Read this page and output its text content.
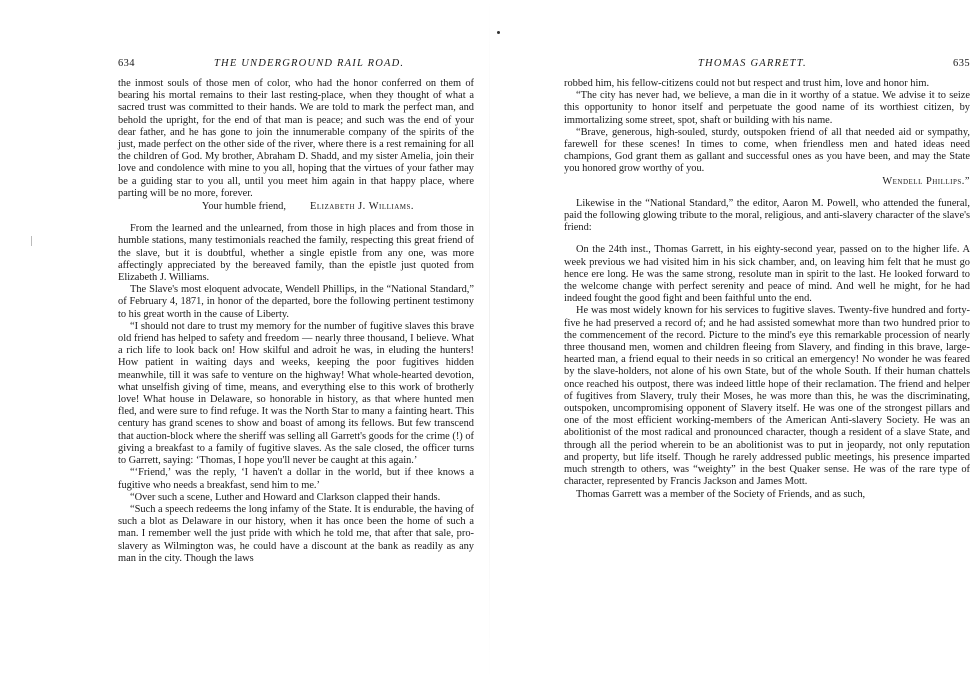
634	THE UNDERGROUND RAIL ROAD.

the inmost souls of those men of color, who had the honor conferred on them of bearing his mortal remains to their last resting-place, when they thought of what a sacred trust was committed to their hands. We are told to mark the perfect man, and behold the upright, for the end of that man is peace; and such was the end of your dear father, and he has gone to join the innumerable company of the spirits of the just, made perfect on the other side of the river, where there is a rest remaining for all the children of God. My brother, Abraham D. Shadd, and my sister Amelia, join their love and condolence with mine to you all, hoping that the virtues of your father may be a guiding star to you all, until you meet him again in that happy place, where parting will be no more, forever.

Your humble friend, Elizabeth J. Williams.

From the learned and the unlearned, from those in high places and from those in humble stations, many testimonials reached the family, respecting this great friend of the slave, but it is doubtful, whether a single epistle from any one, was more affectingly appreciated by the bereaved family, than the epistle just quoted from Elizabeth J. Williams.

The Slave's most eloquent advocate, Wendell Phillips, in the “National Standard,” of February 4, 1871, in honor of the departed, bore the following pertinent testimony to his great worth in the cause of Liberty.

“I should not dare to trust my memory for the number of fugitive slaves this brave old friend has helped to safety and freedom — nearly three thousand, I believe. What a rich life to look back on! How skilful and adroit he was, in eluding the hunters! How patient in waiting days and weeks, keeping the poor fugitives hidden meanwhile, till it was safe to venture on the highway! What whole-hearted devotion, what unselfish giving of time, means, and everything else to this work of brotherly love! What house in Delaware, so honorable in history, as that where hunted men fled, and were sure to find refuge. It was the North Star to many a fainting heart. This century has grand scenes to show and boast of among its fellows. But few transcend that auction-block where the sheriff was selling all Garrett's goods for the crime (!) of giving a breakfast to a family of fugitive slaves. As the sale closed, the officer turns to Garrett, saying: ‘Thomas, I hope you'll never be caught at this again.’

“‘Friend,’ was the reply, ‘I haven't a dollar in the world, but if thee knows a fugitive who needs a breakfast, send him to me.’

“Over such a scene, Luther and Howard and Clarkson clapped their hands.

“Such a speech redeems the long infamy of the State. It is endurable, the having of such a blot as Delaware in our history, when it has once been the home of such a man. I remember well the just pride with which he told me, that after that sale, pro-slavery as Wilmington was, he could have a discount at the bank as readily as any man in the city. Though the laws

THOMAS GARRETT.	635

robbed him, his fellow-citizens could not but respect and trust him, love and honor him.

“The city has never had, we believe, a man die in it worthy of a statue. We advise it to seize this opportunity to honor itself and perpetuate the good name of its worthiest citizen, by immortalizing some street, spot, shaft or building with his name.

“Brave, generous, high-souled, sturdy, outspoken friend of all that needed aid or sympathy, farewell for these scenes! In times to come, when friendless men and hated ideas need champions, God grant them as gallant and successful ones as you have been, and may the State you honored grow worthy of you.

Wendell Phillips.”

Likewise in the “National Standard,” the editor, Aaron M. Powell, who attended the funeral, paid the following glowing tribute to the moral, religious, and anti-slavery character of the slave's friend:

On the 24th inst., Thomas Garrett, in his eighty-second year, passed on to the higher life. A week previous we had visited him in his sick chamber, and, on leaving him felt that he must go hence ere long. He was the same strong, resolute man in spirit to the last. He looked forward to the welcome change with perfect serenity and peace of mind. And well he might, for he had indeed fought the good fight and been faithful unto the end.

He was most widely known for his services to fugitive slaves. Twenty-five hundred and forty-five he had preserved a record of; and he had assisted somewhat more than two hundred prior to the commencement of the record. Picture to the mind's eye this remarkable procession of nearly three thousand men, women and children fleeing from Slavery, and finding in this brave, large-hearted man, a friend equal to their needs in so critical an emergency! No wonder he was feared by the slave-holders, not alone of his own State, but of the whole South. If their human chattels once reached his outpost, there was indeed little hope of their reclamation. The friend and helper of fugitives from Slavery, truly their Moses, he was more than this, he was the discriminating, outspoken, uncompromising opponent of Slavery itself. He was one of the strongest pillars and one of the most efficient working-members of the American Anti-slavery Society. He was an abolitionist of the most radical and pronounced character, though a resident of a slave State, and through all the period wherein to be an abolitionist was to put in jeopardy, not only reputation and property, but life itself. Though he rarely addressed public meetings, his presence imparted much strength to others, was “weighty” in the best Quaker sense. He was of the rare type of character, represented by Francis Jackson and James Mott.

Thomas Garrett was a member of the Society of Friends, and as such,
